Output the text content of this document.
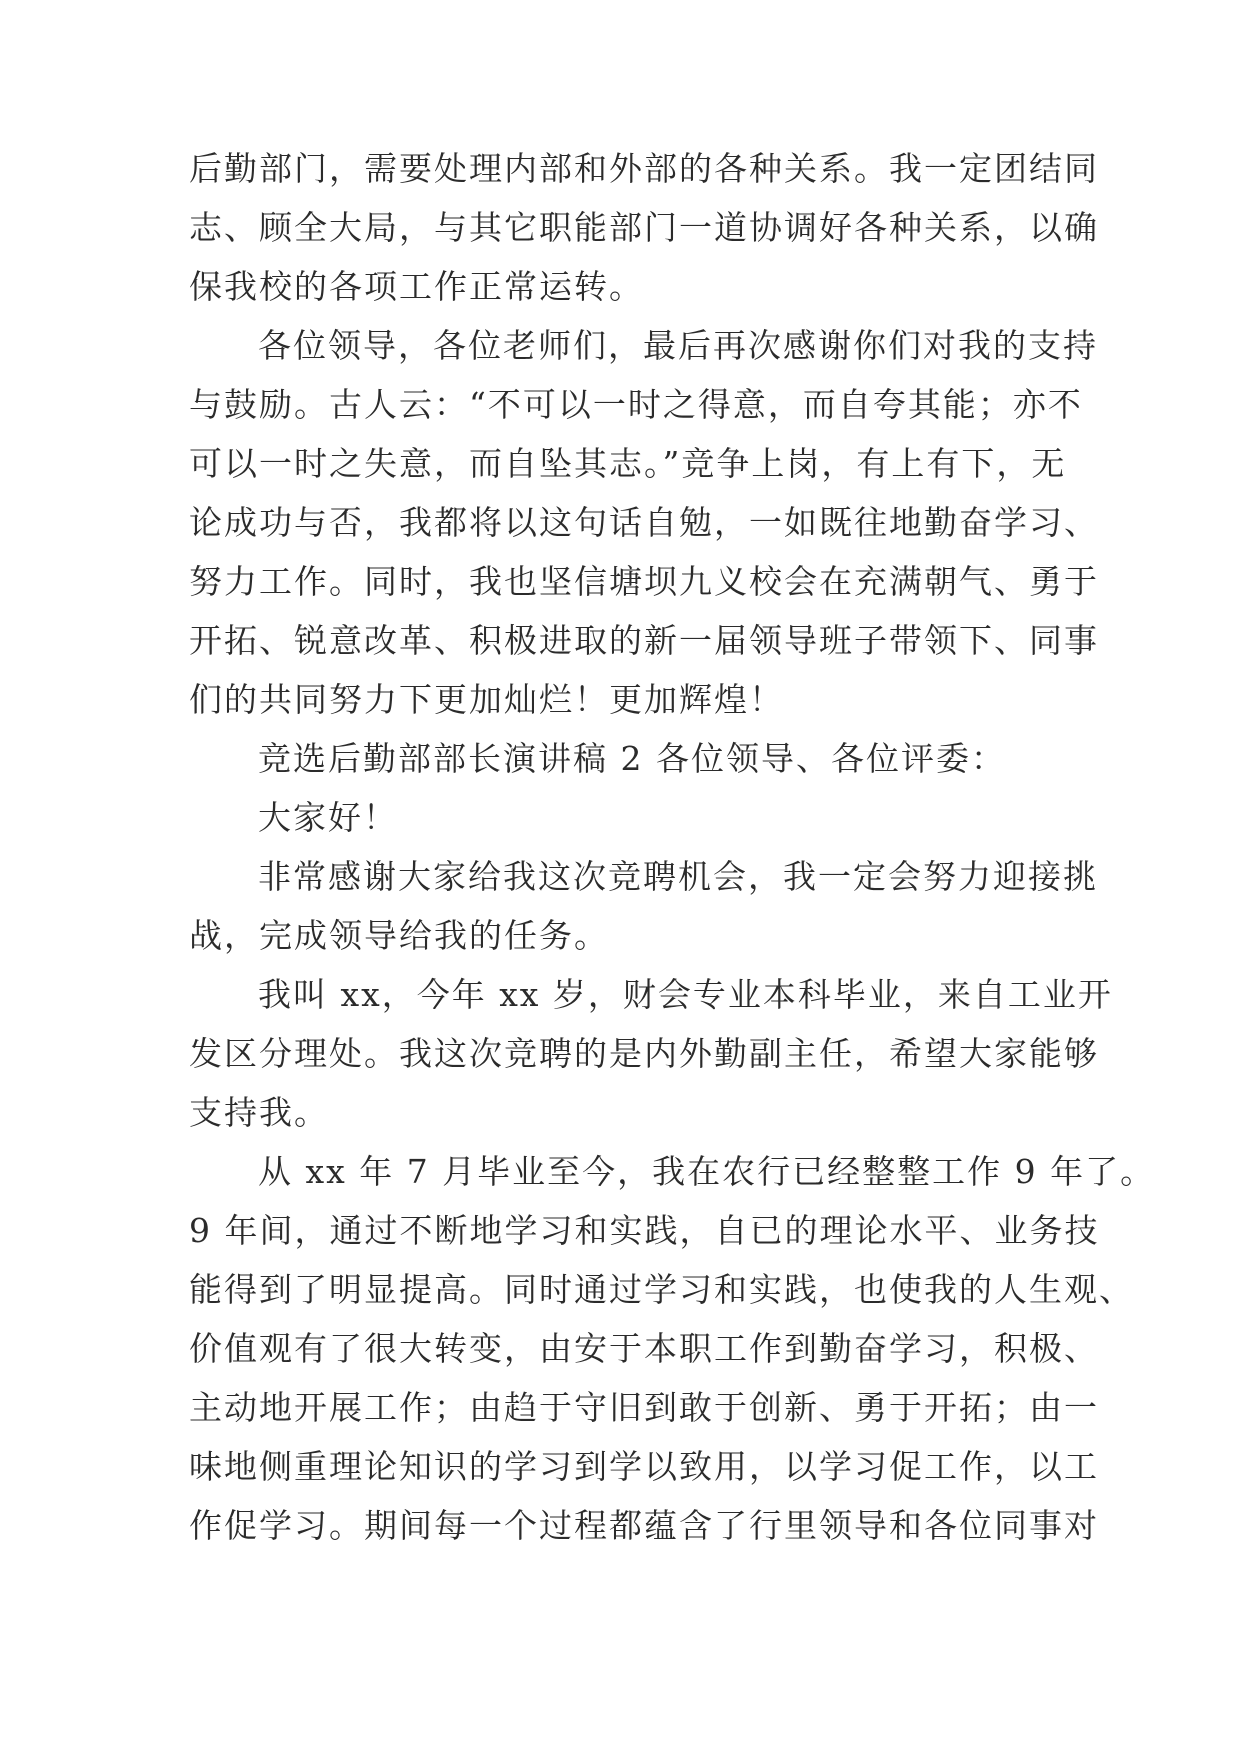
后勤部门，需要处理内部和外部的各种关系。我一定团结同

志、顾全大局，与其它职能部门一道协调好各种关系，以确

保我校的各项工作正常运转。

各位领导，各位老师们，最后再次感谢你们对我的支持

与鼓励。古人云：“不可以一时之得意，而自夸其能；亦不

可以一时之失意，而自坠其志。”竞争上岗，有上有下，无

论成功与否，我都将以这句话自勉，一如既往地勤奋学习、

努力工作。同时，我也坚信塘坝九义校会在充满朝气、勇于

开拓、锐意改革、积极进取的新一届领导班子带领下、同事

们的共同努力下更加灿烂！更加辉煌！

竞选后勤部部长演讲稿 2 各位领导、各位评委：

大家好！

非常感谢大家给我这次竞聘机会，我一定会努力迎接挑

战，完成领导给我的任务。

我叫 xx，今年 xx 岁，财会专业本科毕业，来自工业开

发区分理处。我这次竞聘的是内外勤副主任，希望大家能够

支持我。

从 xx 年 7 月毕业至今，我在农行已经整整工作 9 年了。

9 年间，通过不断地学习和实践，自已的理论水平、业务技

能得到了明显提高。同时通过学习和实践，也使我的人生观、

价值观有了很大转变，由安于本职工作到勤奋学习，积极、

主动地开展工作；由趋于守旧到敢于创新、勇于开拓；由一

味地侧重理论知识的学习到学以致用，以学习促工作，以工

作促学习。期间每一个过程都蕴含了行里领导和各位同事对
